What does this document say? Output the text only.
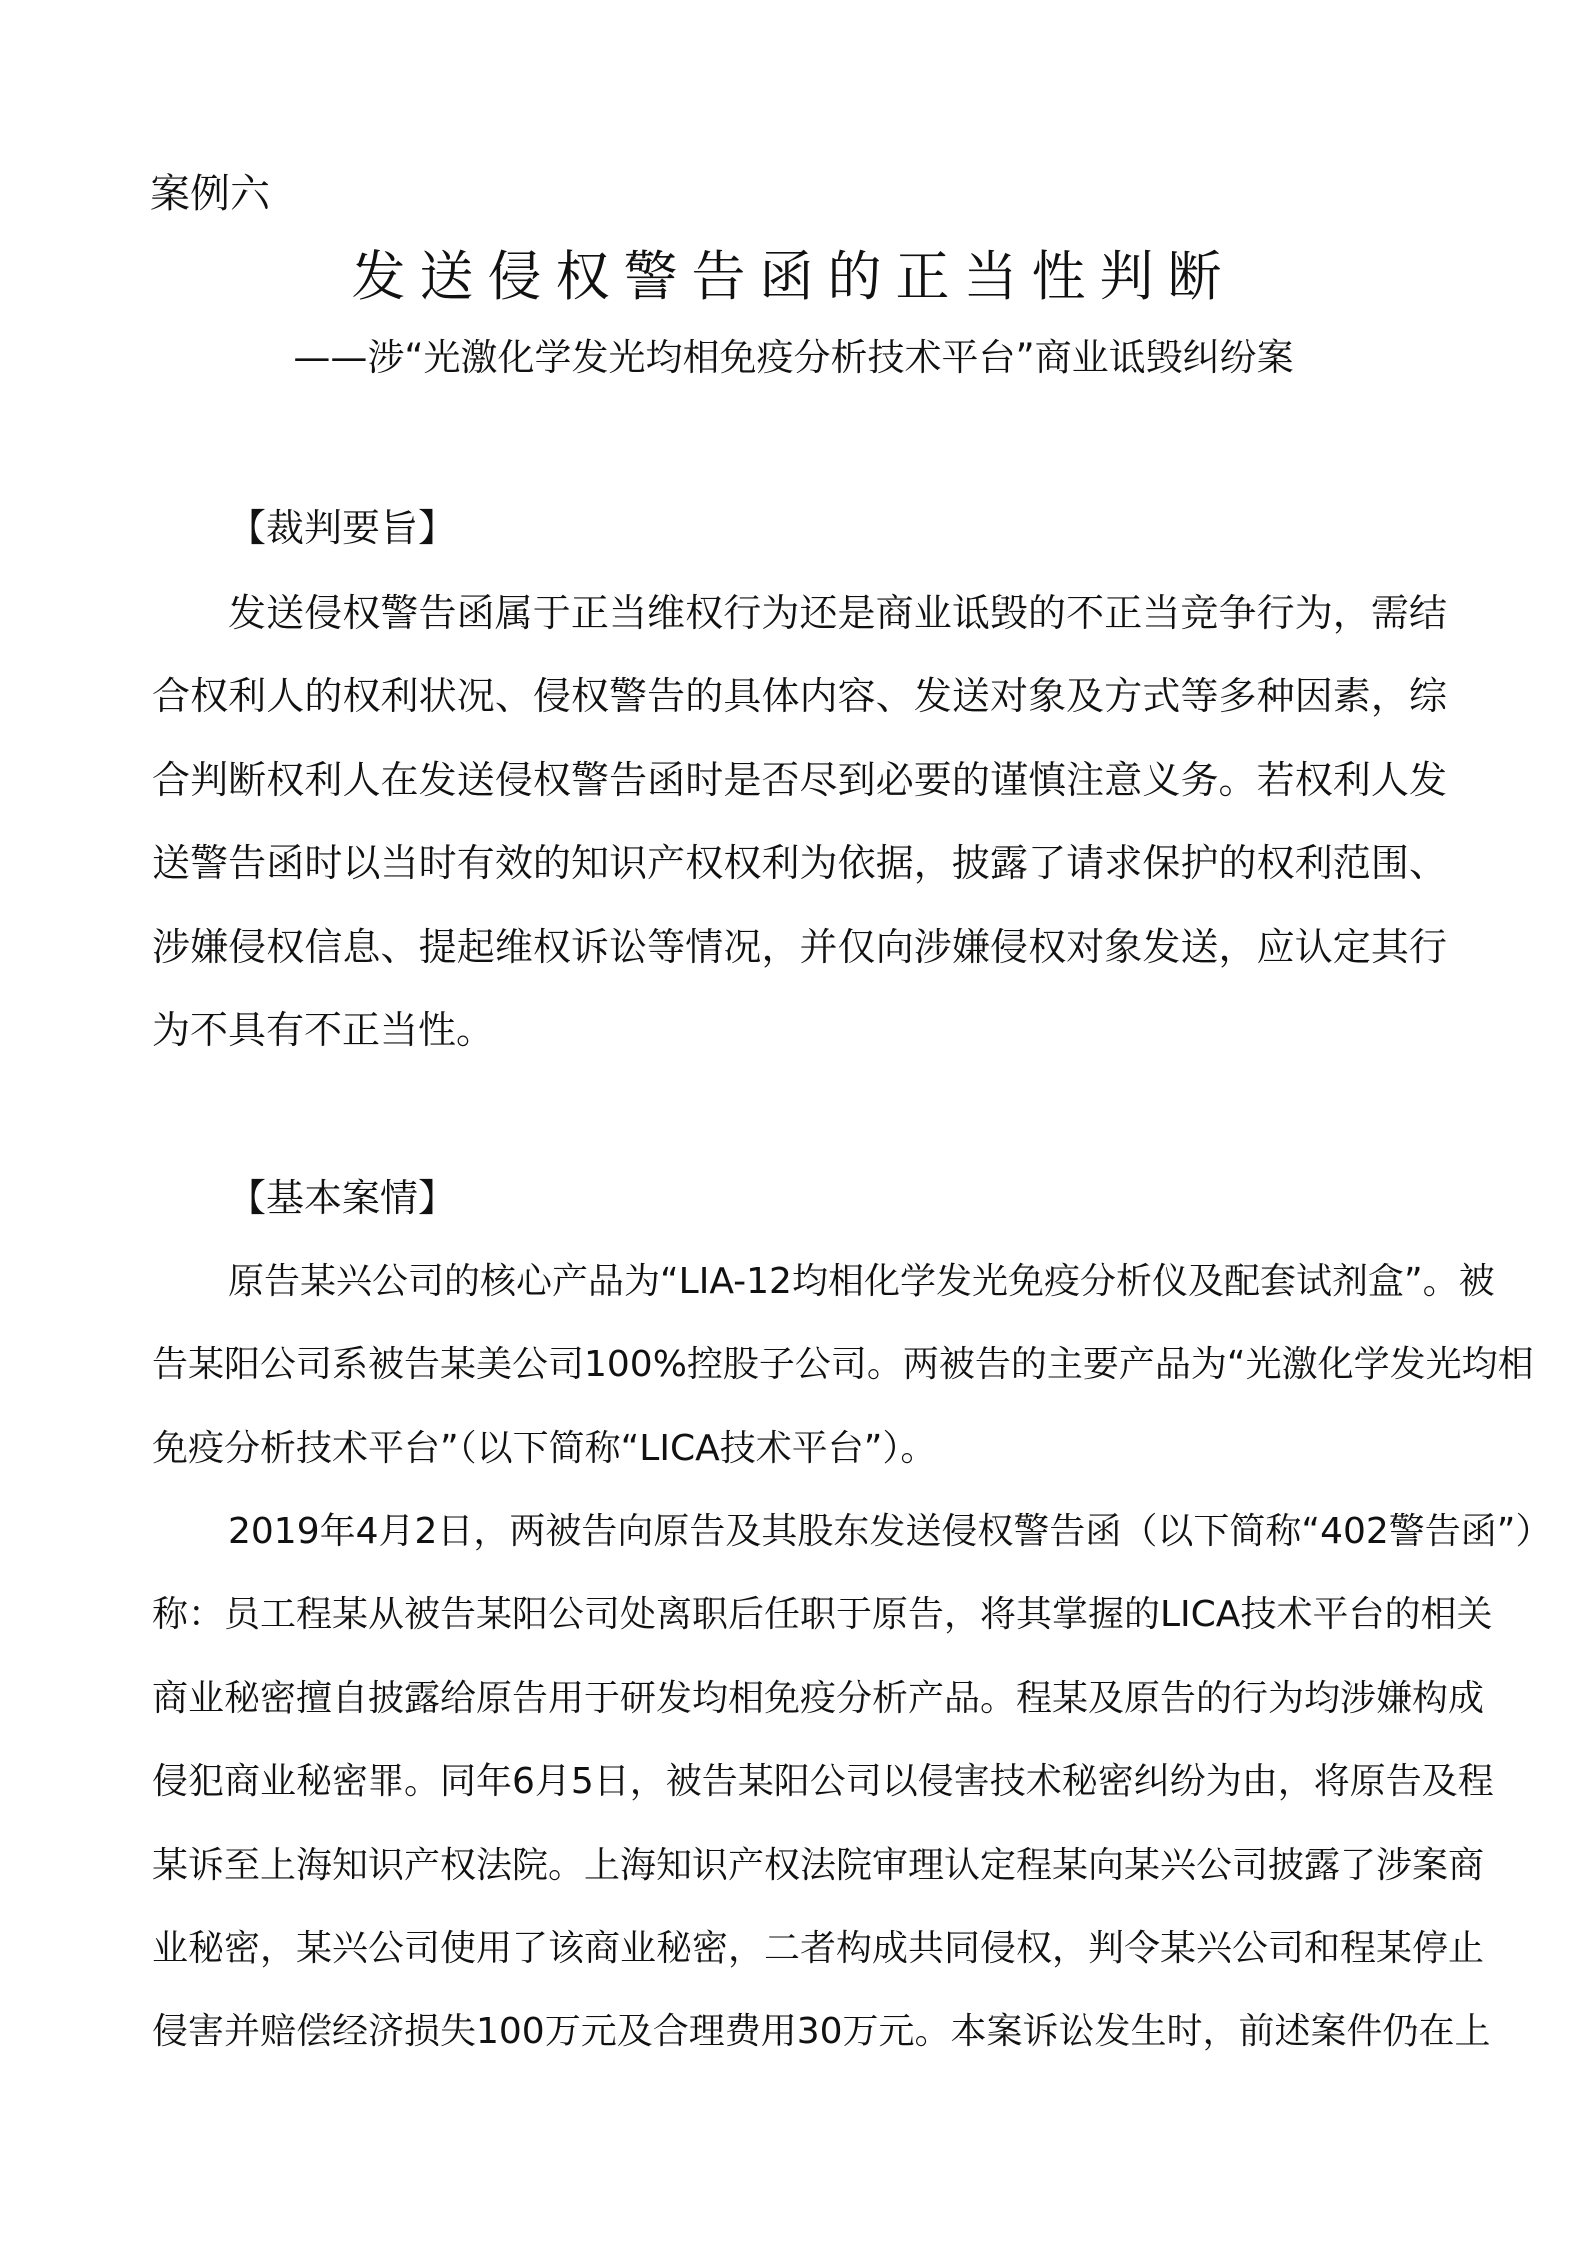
案例六
发送侵权警告函的正当性判断
——涉“光激化学发光均相免疫分析技术平台”商业诋毁纠纷案
【裁判要旨】
发送侵权警告函属于正当维权行为还是商业诋毁的不正当竞争行为，需结
合权利人的权利状况、侵权警告的具体内容、发送对象及方式等多种因素，综
合判断权利人在发送侵权警告函时是否尽到必要的谨慎注意义务。若权利人发
送警告函时以当时有效的知识产权权利为依据，披露了请求保护的权利范围、
涉嫌侵权信息、提起维权诉讼等情况，并仅向涉嫌侵权对象发送，应认定其行
为不具有不正当性。
【基本案情】
原告某兴公司的核心产品为“LIA-12均相化学发光免疫分析仪及配套试剂盒”。被
告某阳公司系被告某美公司100%控股子公司。两被告的主要产品为“光激化学发光均相
免疫分析技术平台”（以下简称“LICA技术平台”）。
2019年4月2日，两被告向原告及其股东发送侵权警告函（以下简称“402警告函”）
称：员工程某从被告某阳公司处离职后任职于原告，将其掌握的LICA技术平台的相关
商业秘密擅自披露给原告用于研发均相免疫分析产品。程某及原告的行为均涉嫌构成
侵犯商业秘密罪。同年6月5日，被告某阳公司以侵害技术秘密纠纷为由，将原告及程
某诉至上海知识产权法院。上海知识产权法院审理认定程某向某兴公司披露了涉案商
业秘密，某兴公司使用了该商业秘密，二者构成共同侵权，判令某兴公司和程某停止
侵害并赔偿经济损失100万元及合理费用30万元。本案诉讼发生时，前述案件仍在上
